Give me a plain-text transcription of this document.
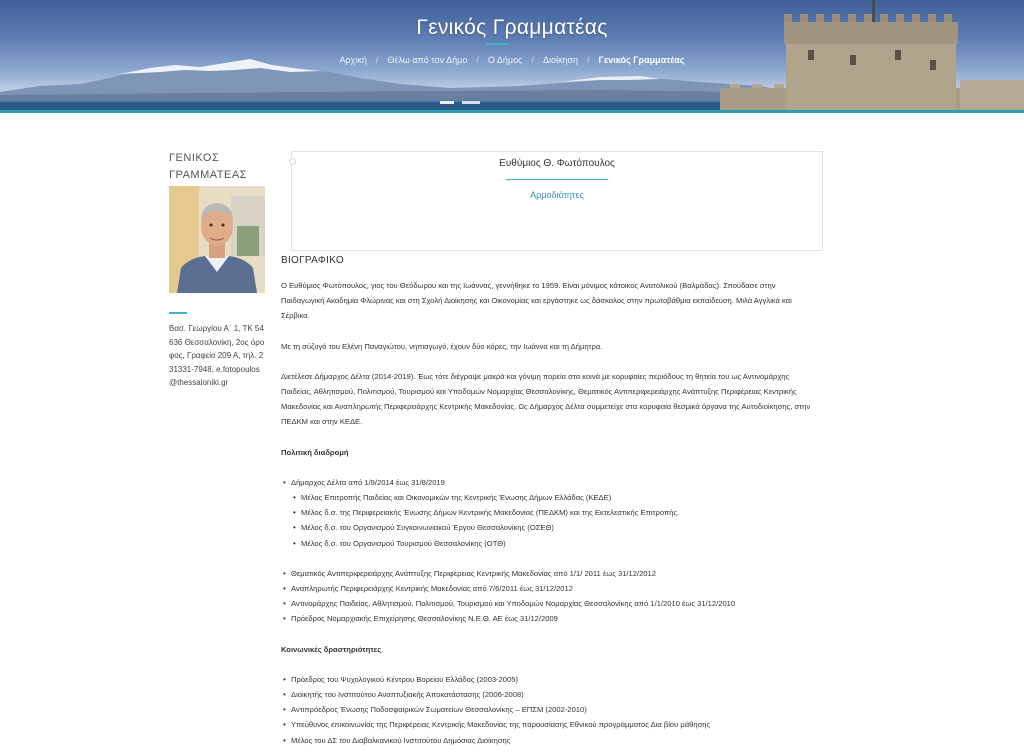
Γενικός Γραμματέας
Αρχική / Θέλω από τον Δήμο / Ο Δήμος / Διοίκηση / Γενικός Γραμματέας
ΓΕΝΙΚΟΣ
ΓΡΑΜΜΑΤΕΑΣ
Βασ. Γεωργίου Α΄ 1, ΤΚ 54636 Θεσσαλονίκη, 2ος όροφος, Γραφείο 209 Α, τηλ. 231331-7948, e.fotopoulos@thessaloniki.gr
Ευθύμιος Θ. Φωτόπουλος
Αρμοδιότητες
ΒΙΟΓΡΑΦΙΚΟ

Ο Ευθύμιος Φωτόπουλος, γιος του Θεόδωρου και της Ιωάννας, γεννήθηκε το 1959. Είναι μόνιμος κάτοικος Ανατολικού (Βαλμάδας). Σπούδασε στην Παιδαγωγική Ακαδημία Φλώρινας και στη Σχολή Διοίκησης και Οικονομίας και εργάστηκε ως δάσκαλος στην πρωτοβάθμια εκπαίδευση. Μιλά Αγγλικά και Σέρβικα.

Με τη σύζυγό του Ελένη Παναγιώτου, νηπιαγωγό, έχουν δύο κόρες, την Ιωάννα και τη Δήμητρα.

Διετέλεσε Δήμαρχος Δέλτα (2014-2019). Έως τότε διέγραψε μακρά και γόνιμη πορεία στα κοινά με κορυφαίες περιόδους τη θητεία του ως Αντινομάρχης Παιδείας, Αθλητισμού, Πολιτισμού, Τουρισμού και Υποδομών Νομαρχίας Θεσσαλονίκης, Θεματικός Αντιπεριφερειάρχης Ανάπτυξης Περιφέρειας Κεντρικής Μακεδονίας και Αναπληρωτής Περιφερειάρχης Κεντρικής Μακεδονίας. Ως Δήμαρχος Δέλτα συμμετείχε στα κορυφαία θεσμικά όργανα της Αυτοδιοίκησης, στην ΠΕΔΚΜ και στην ΚΕΔΕ.

Πολιτική διαδρομή

• Δήμαρχος Δέλτα από 1/9/2014 έως 31/8/2019
• Μέλος Επιτροπής Παιδείας και Οικονομικών της Κεντρικής Ένωσης Δήμων Ελλάδας (ΚΕΔΕ)
• Μέλος δ.σ. της Περιφερειακής Ένωσης Δήμων Κεντρικής Μακεδονίας (ΠΕΔΚΜ) και της Εκτελεστικής Επιτροπής.
• Μέλος δ.σ. του Οργανισμού Συγκοινωνιακού Έργου Θεσσαλονίκης (ΟΣΕΘ)
• Μέλος δ.σ. του Οργανισμού Τουρισμού Θεσσαλονίκης (ΟΤΘ)
• Θεματικός Αντιπεριφερειάρχης Ανάπτυξης Περιφέρειας Κεντρικής Μακεδονίας από 1/1/ 2011 έως 31/12/2012
• Αναπληρωτής Περιφερειάρχης Κεντρικής Μακεδονίας από 7/6/2011 έως 31/12/2012
• Αντινομάρχης Παιδείας, Αθλητισμού, Πολιτισμού, Τουρισμού και Υποδομών Νομαρχίας Θεσσαλονίκης από 1/1/2010 έως 31/12/2010
• Πρόεδρος Νομαρχιακής Επιχείρησης Θεσσαλονίκης Ν.Ε.Θ. ΑΕ έως 31/12/2009

Κοινωνικές δραστηριότητες

• Πρόεδρος του Ψυχολογικού Κέντρου Βορείου Ελλάδος (2003-2005)
• Διοικητής του Ινστιτούτου Αναπτυξιακής Αποκατάστασης (2006-2008)
• Αντιπρόεδρος Ένωσης Ποδοσφαιρικών Σωματείων Θεσσαλονίκης – ΕΠΣΜ (2002-2010)
• Υπεύθυνος επικοινωνίας της Περιφέρειας Κεντρικής Μακεδονίας της παρουσίασης Εθνικού προγράμματος Δια βίου μάθησης
• Μέλος του ΔΣ του Διαβαλκανικού Ινστιτούτου Δημόσιας Διοίκησης
